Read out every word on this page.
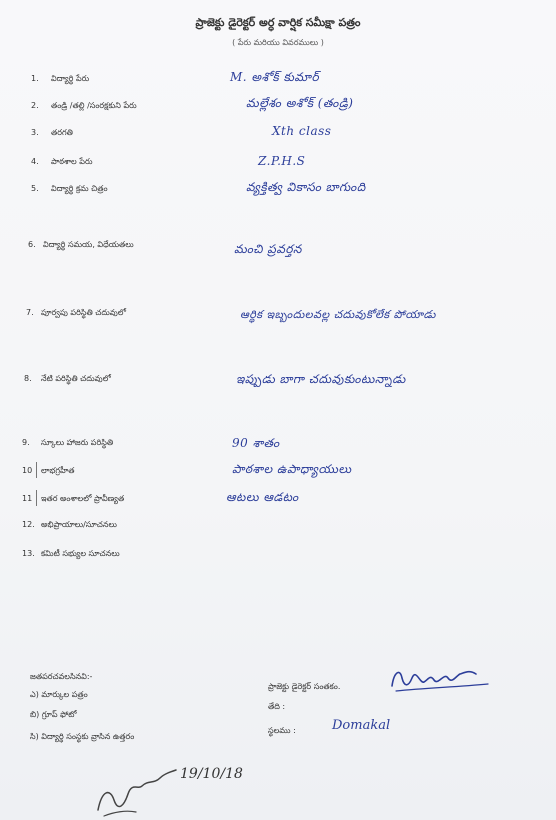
ప్రాజెక్టు డైరెక్టర్ అర్ధ వార్షిక సమీక్షా పత్రం
( పేరు మరియు వివరములు )
1. విద్యార్థి పేరు	M. అశోక్ కుమార్
2. తండ్రి /తల్లి /సంరక్షకుని పేరు	మల్లేశం అశోక్ (తండ్రి)
3. తరగతి	Xth class
4. పాఠశాల పేరు	Z.P.H.S
5. విద్యార్థి క్రమ చిత్రం	వ్యక్తిత్వ వికాసం బాగుంది
6. విద్యార్థి సమయ, విధేయతలు	మంచి ప్రవర్తన
7. పూర్వపు పరిస్థితి చదువులో	ఆర్థిక ఇబ్బందులవల్ల చదువుకోలేక పోయాడు
8. నేటి పరిస్థితి చదువులో	ఇప్పుడు బాగా చదువుకుంటున్నాడు
9. స్కూలు హాజరు పరిస్థితి	90 శాతం
10 లాభగ్రహీత	పాఠశాల ఉపాధ్యాయులు
11 ఇతర అంశాలలో ప్రావీణ్యత	ఆటలు ఆడటం
12. అభిప్రాయాలు/సూచనలు
13. కమిటీ సభ్యుల సూచనలు
జతపరచవలసినవి:-
ఎ) మార్కుల పత్రం
బి) గ్రూప్ ఫోటో
సి) విద్యార్థి సంస్థకు వ్రాసిన ఉత్తరం
ప్రాజెక్టు డైరెక్టర్ సంతకం.
తేది :
స్థలము :	Domakal
19/10/18
